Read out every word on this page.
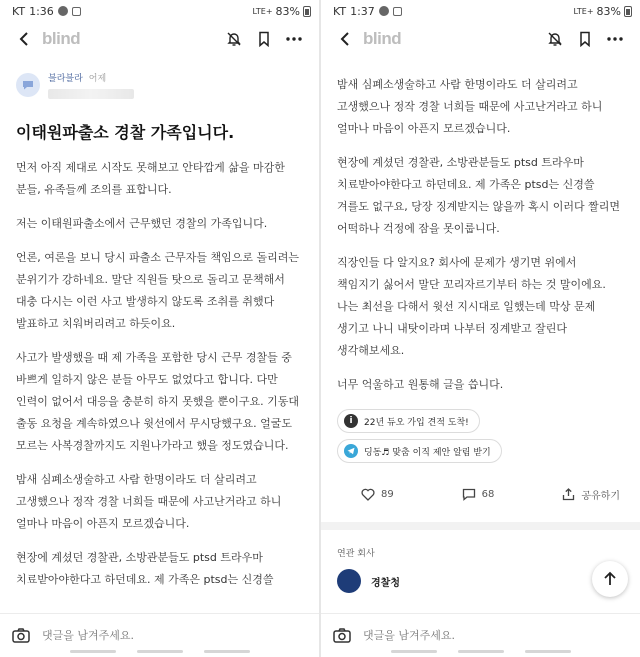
KT 1:36	LTE+ 83%
blind
블라블라 어제
이태원파출소 경찰 가족입니다.

먼저 아직 제대로 시작도 못해보고 안타깝게 삶을 마감한
분들, 유족들께 조의를 표합니다.

저는 이태원파출소에서 근무했던 경찰의 가족입니다.

언론, 여론을 보니 당시 파출소 근무자들 책임으로 돌리려는
분위기가 강하네요. 말단 직원들 탓으로 돌리고 문책해서
대충 다시는 이런 사고 발생하지 않도록 조취를 취했다
발표하고 치워버리려고 하듯이요.

사고가 발생했을 때 제 가족을 포함한 당시 근무 경찰들 중
바쁘게 일하지 않은 분들 아무도 없었다고 합니다. 다만
인력이 없어서 대응을 충분히 하지 못했을 뿐이구요. 기동대
출동 요청을 계속하였으나 윗선에서 무시당했구요. 얼굴도
모르는 사복경찰까지도 지원나가라고 했을 정도였습니다.

밤새 심폐소생술하고 사람 한명이라도 더 살리려고
고생했으나 정작 경찰 너희들 때문에 사고난거라고 하니
얼마나 마음이 아픈지 모르겠습니다.

현장에 계셨던 경찰관, 소방관분들도 ptsd 트라우마
치료받아야한다고 하던데요. 제 가족은 ptsd는 신경쓸

댓글을 남겨주세요.
KT 1:37	LTE+ 83%
blind

밤새 심폐소생술하고 사람 한명이라도 더 살리려고
고생했으나 정작 경찰 너희들 때문에 사고난거라고 하니
얼마나 마음이 아픈지 모르겠습니다.

현장에 계셨던 경찰관, 소방관분들도 ptsd 트라우마
치료받아야한다고 하던데요. 제 가족은 ptsd는 신경쓸
겨를도 없구요, 당장 징계받지는 않을까 혹시 이러다 짤리면
어떡하나 걱정에 잠을 못이룹니다.

직장인들 다 알지요? 회사에 문제가 생기면 위에서
책임지기 싫어서 말단 꼬리자르기부터 하는 것 말이에요.
나는 최선을 다해서 윗선 지시대로 일했는데 막상 문제
생기고 나니 내탓이라며 나부터 징계받고 잘린다
생각해보세요.

너무 억울하고 원통해 글을 씁니다.

i	22년 듀오 가입 견적 도착!

딩동♬ 맞춤 이직 제안 알림 받기
89	68	공유하기
연관 회사
경찰청
댓글을 남겨주세요.
